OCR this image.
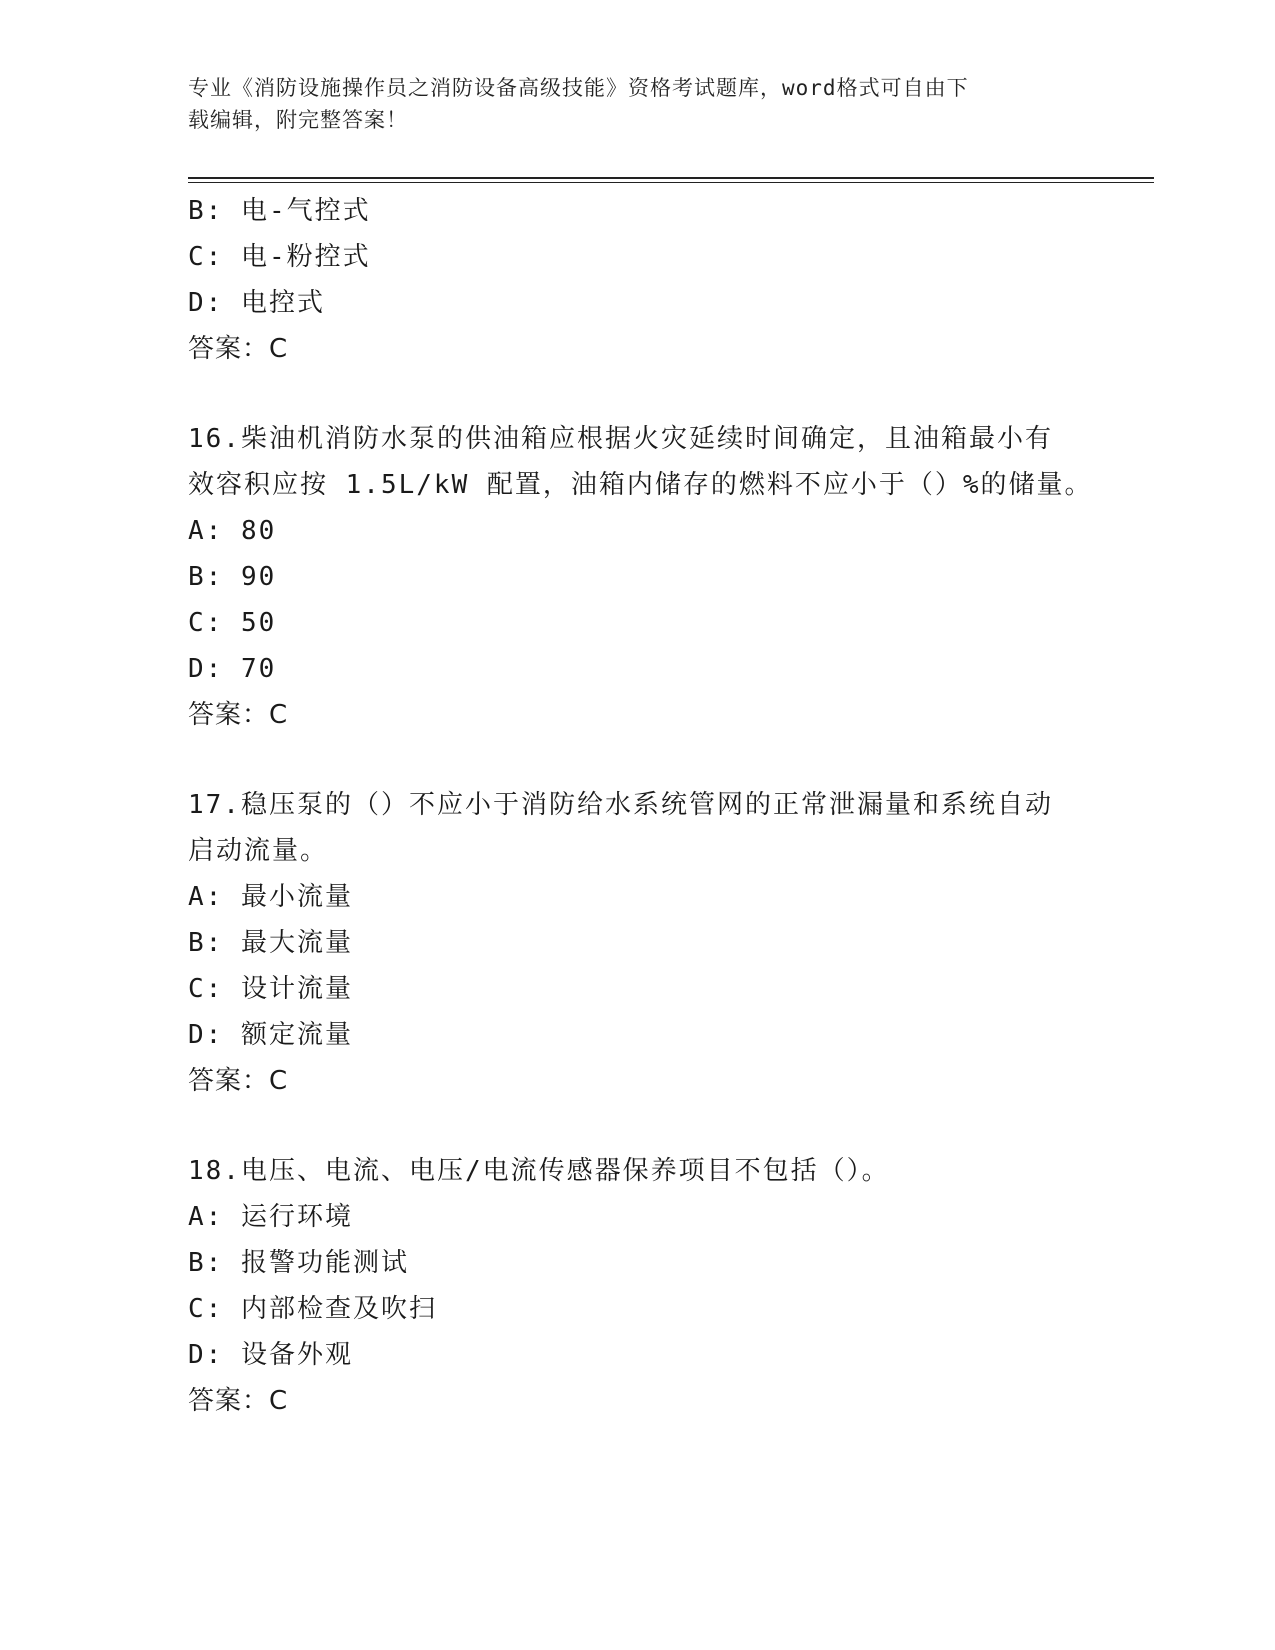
专业《消防设施操作员之消防设备高级技能》资格考试题库，word格式可自由下
载编辑，附完整答案！
B: 电-气控式
C: 电-粉控式
D: 电控式
答案：C
16.柴油机消防水泵的供油箱应根据火灾延续时间确定，且油箱最小有
效容积应按 1.5L/kW 配置，油箱内储存的燃料不应小于（）%的储量。
A: 80
B: 90
C: 50
D: 70
答案：C
17.稳压泵的（）不应小于消防给水系统管网的正常泄漏量和系统自动
启动流量。
A: 最小流量
B: 最大流量
C: 设计流量
D: 额定流量
答案：C
18.电压、电流、电压/电流传感器保养项目不包括（）。
A: 运行环境
B: 报警功能测试
C: 内部检查及吹扫
D: 设备外观
答案：C
